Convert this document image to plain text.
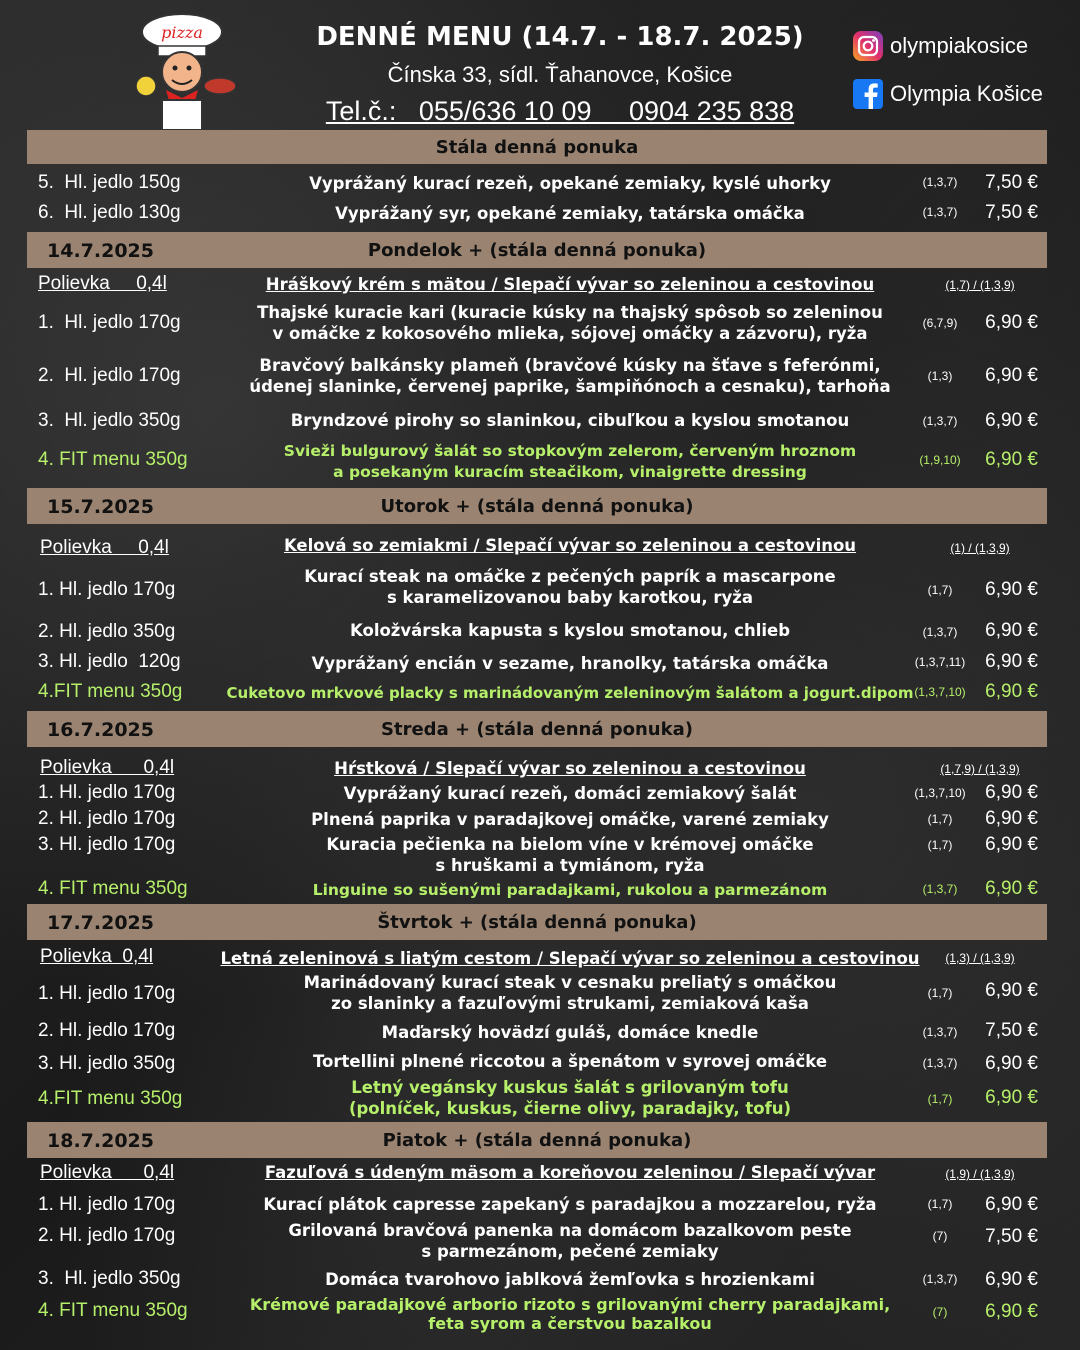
pizza	DENNÉ MENU (14.7. - 18.7. 2025)
Čínska 33, sídl. Ťahanovce, Košice
Tel.č.:   055/636 10 09     0904 235 838
olympiakosice
Olympia Košice
Stála denná ponuka
5.  Hl. jedlo 150g	Vyprážaný kurací rezeň, opekané zemiaky, kyslé uhorky	(1,3,7)	7,50 €
6.  Hl. jedlo 130g	Vyprážaný syr, opekané zemiaky, tatárska omáčka	(1,3,7)	7,50 €
14.7.2025	Pondelok + (stála denná ponuka)
Polievka     0,4l	Hráškový krém s mätou / Slepačí vývar so zeleninou a cestovinou	(1,7) / (1,3,9)
1.  Hl. jedlo 170g	Thajské kuracie kari (kuracie kúsky na thajský spôsob so zeleninou
v omáčke z kokosového mlieka, sójovej omáčky a zázvoru), ryža
(6,7,9)	6,90 €
2.  Hl. jedlo 170g	Bravčový balkánsky plameň (bravčové kúsky na šťave s feferónmi,
údenej slaninke, červenej paprike, šampiňónoch a cesnaku), tarhoňa
(1,3)	6,90 €
3.  Hl. jedlo 350g	Bryndzové pirohy so slaninkou, cibuľkou a kyslou smotanou	(1,3,7)	6,90 €
4. FIT menu 350g	Svieži bulgurový šalát so stopkovým zelerom, červeným hroznom
a posekaným kuracím steačikom, vinaigrette dressing
(1,9,10)	6,90 €
15.7.2025	Utorok + (stála denná ponuka)
Polievka     0,4l	Kelová so zemiakmi / Slepačí vývar so zeleninou a cestovinou	(1) / (1,3,9)
1. Hl. jedlo 170g
Kurací steak na omáčke z pečených paprík a mascarpone
s karamelizovanou baby karotkou, ryža	(1,7)	6,90 €
2. Hl. jedlo 350g	Koložvárska kapusta s kyslou smotanou, chlieb	(1,3,7)	6,90 €
3. Hl. jedlo  120g	Vyprážaný encián v sezame, hranolky, tatárska omáčka	(1,3,7,11)	6,90 €
4.FIT menu 350g	Cuketovo mrkvové placky s marinádovaným zeleninovým šalátom a jogurt.dipom (1,3,7,10)	6,90 €
16.7.2025	Streda + (stála denná ponuka)
Polievka      0,4l	Hŕstková / Slepačí vývar so zeleninou a cestovinou	(1,7,9) / (1,3,9)
1. Hl. jedlo 170g	Vyprážaný kurací rezeň, domáci zemiakový šalát	(1,3,7,10)	6,90 €
2. Hl. jedlo 170g	Plnená paprika v paradajkovej omáčke, varené zemiaky	(1,7)	6,90 €
3. Hl. jedlo 170g	Kuracia pečienka na bielom víne v krémovej omáčke
s hruškami a tymiánom, ryža
(1,7)	6,90 €
4. FIT menu 350g	Linguine so sušenými paradajkami, rukolou a parmezánom	(1,3,7)	6,90 €
17.7.2025	Štvrtok + (stála denná ponuka)
Polievka  0,4l	Letná zeleninová s liatým cestom / Slepačí vývar so zeleninou a cestovinou	(1,3) / (1,3,9)
1. Hl. jedlo 170g
Marinádovaný kurací steak v cesnaku preliatý s omáčkou
zo slaninky a fazuľovými strukami, zemiaková kaša
(1,7)	6,90 €
2. Hl. jedlo 170g	Maďarský hovädzí guláš, domáce knedle	(1,3,7)	7,50 €
3. Hl. jedlo 350g	Tortellini plnené riccotou a špenátom v syrovej omáčke	(1,3,7)	6,90 €
4.FIT menu 350g
Letný vegánsky kuskus šalát s grilovaným tofu
(polníček, kuskus, čierne olivy, paradajky, tofu)	(1,7)	6,90 €
18.7.2025	Piatok + (stála denná ponuka)
Polievka      0,4l	Fazuľová s údeným mäsom a koreňovou zeleninou / Slepačí vývar	(1,9) / (1,3,9)
1. Hl. jedlo 170g	Kurací plátok capresse zapekaný s paradajkou a mozzarelou, ryža	(1,7)	6,90 €
2. Hl. jedlo 170g	Grilovaná bravčová panenka na domácom bazalkovom peste
s parmezánom, pečené zemiaky
(7)	7,50 €
3.  Hl. jedlo 350g	Domáca tvarohovo jablková žemľovka s hrozienkami	(1,3,7)	6,90 €
4. FIT menu 350g	Krémové paradajkové arborio rizoto s grilovanými cherry paradajkami,
feta syrom a čerstvou bazalkou
(7)	6,90 €
